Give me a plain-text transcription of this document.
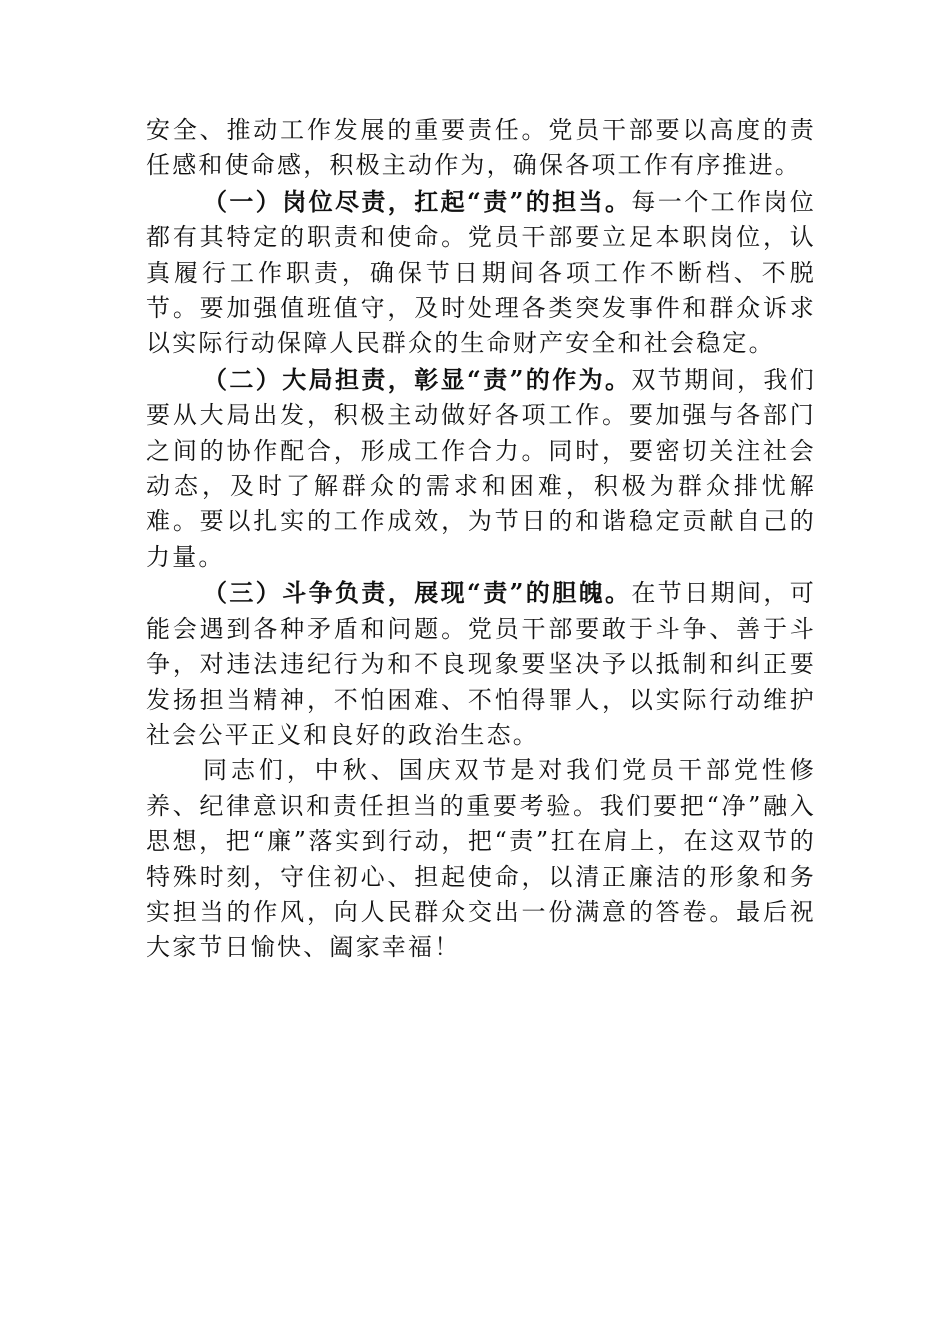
安全、推动工作发展的重要责任。党员干部要以高度的责任感和使命感，积极主动作为，确保各项工作有序推进。

（一）岗位尽责，扛起“责”的担当。每一个工作岗位都有其特定的职责和使命。党员干部要立足本职岗位，认真履行工作职责，确保节日期间各项工作不断档、不脱节。要加强值班值守，及时处理各类突发事件和群众诉求以实际行动保障人民群众的生命财产安全和社会稳定。

（二）大局担责，彰显“责”的作为。双节期间，我们要从大局出发，积极主动做好各项工作。要加强与各部门之间的协作配合，形成工作合力。同时，要密切关注社会动态，及时了解群众的需求和困难，积极为群众排忧解难。要以扎实的工作成效，为节日的和谐稳定贡献自己的力量。

（三）斗争负责，展现“责”的胆魄。在节日期间，可能会遇到各种矛盾和问题。党员干部要敢于斗争、善于斗争，对违法违纪行为和不良现象要坚决予以抵制和纠正要发扬担当精神，不怕困难、不怕得罪人，以实际行动维护社会公平正义和良好的政治生态。

同志们，中秋、国庆双节是对我们党员干部党性修养、纪律意识和责任担当的重要考验。我们要把“净”融入思想，把“廉”落实到行动，把“责”扛在肩上，在这双节的特殊时刻，守住初心、担起使命，以清正廉洁的形象和务实担当的作风，向人民群众交出一份满意的答卷。最后祝大家节日愉快、阖家幸福！
